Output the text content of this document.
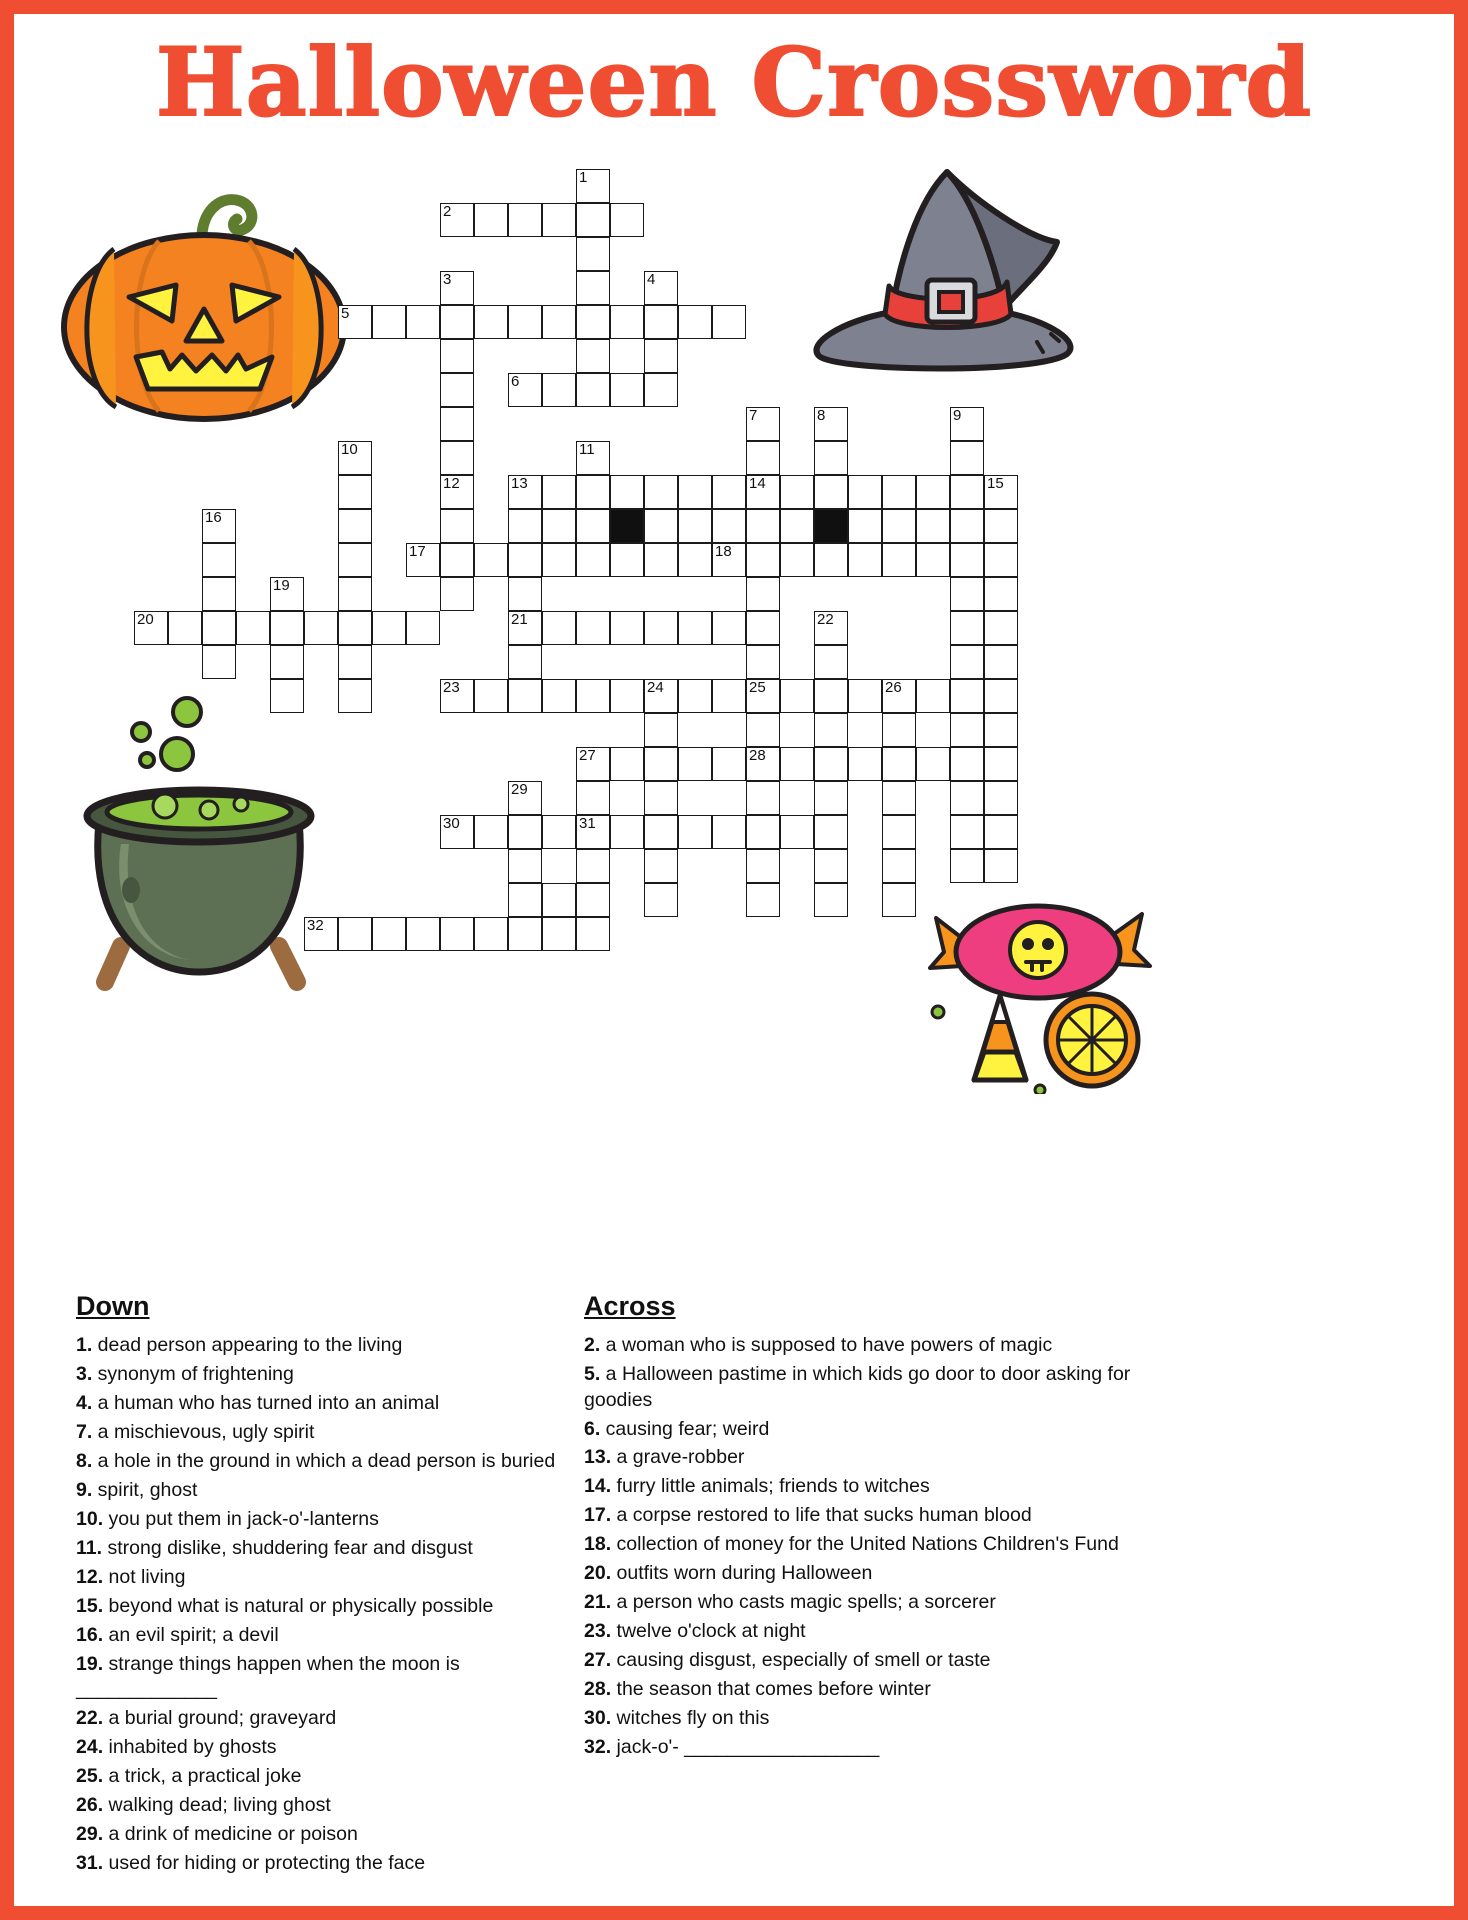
Halloween Crossword
1
2
3	4
5
6
7	8	9
10	11
12	13	14	15
16
17	18
19
20	21	22
23	24	25	26
27	28
29
30	31
32
Down
1. dead person appearing to the living
3. synonym of frightening
4. a human who has turned into an animal
7. a mischievous, ugly spirit
8. a hole in the ground in which a dead person is buried
9. spirit, ghost
10. you put them in jack-o'-lanterns
11. strong dislike, shuddering fear and disgust
12. not living
15. beyond what is natural or physically possible
16. an evil spirit; a devil
19. strange things happen when the moon is _____________
22. a burial ground; graveyard
24. inhabited by ghosts
25. a trick, a practical joke
26. walking dead; living ghost
29. a drink of medicine or poison
31. used for hiding or protecting the face
Across
2. a woman who is supposed to have powers of magic
5. a Halloween pastime in which kids go door to door asking for goodies
6. causing fear; weird
13. a grave-robber
14. furry little animals; friends to witches
17. a corpse restored to life that sucks human blood
18. collection of money for the United Nations Children's Fund
20. outfits worn during Halloween
21. a person who casts magic spells; a sorcerer
23. twelve o'clock at night
27. causing disgust, especially of smell or taste
28. the season that comes before winter
30. witches fly on this
32. jack-o'- __________________
